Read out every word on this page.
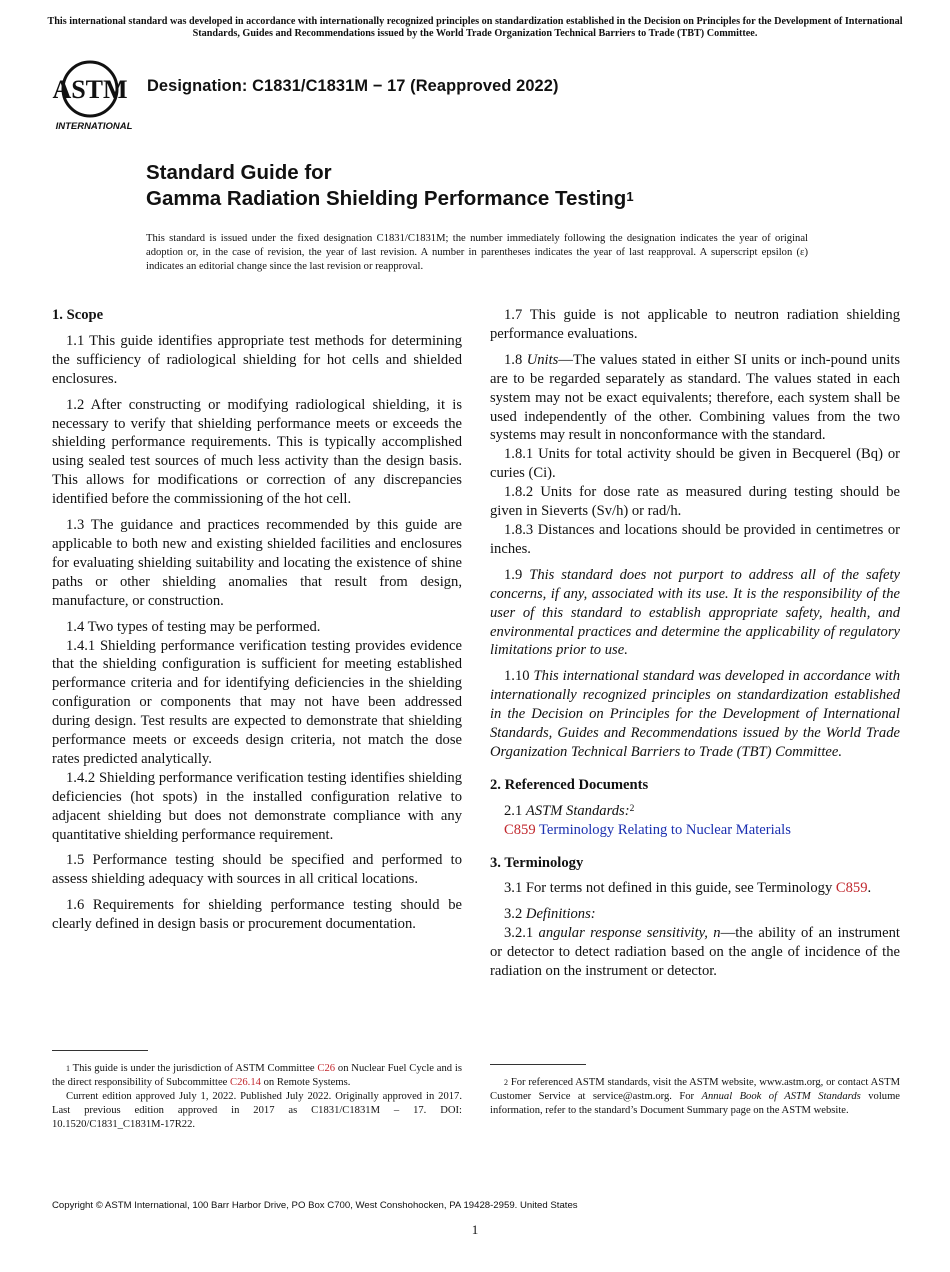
This international standard was developed in accordance with internationally recognized principles on standardization established in the Decision on Principles for the Development of International Standards, Guides and Recommendations issued by the World Trade Organization Technical Barriers to Trade (TBT) Committee.
ASTM
INTERNATIONAL
Designation: C1831/C1831M − 17 (Reapproved 2022)
Standard Guide for
Gamma Radiation Shielding Performance Testing$^1$
This standard is issued under the fixed designation C1831/C1831M; the number immediately following the designation indicates the year of original adoption or, in the case of revision, the year of last revision. A number in parentheses indicates the year of last reapproval. A superscript epsilon (ε) indicates an editorial change since the last revision or reapproval.
1. Scope

1.1 This guide identifies appropriate test methods for determining the sufficiency of radiological shielding for hot cells and shielded enclosures.

1.2 After constructing or modifying radiological shielding, it is necessary to verify that shielding performance meets or exceeds the shielding performance requirements. This is typically accomplished using sealed test sources of much less activity than the design basis. This allows for modifications or correction of any discrepancies identified before the commissioning of the hot cell.

1.3 The guidance and practices recommended by this guide are applicable to both new and existing shielded facilities and enclosures for evaluating shielding suitability and locating the existence of shine paths or other shielding anomalies that result from design, manufacture, or construction.

1.4 Two types of testing may be performed.

1.4.1 Shielding performance verification testing provides evidence that the shielding configuration is sufficient for meeting established performance criteria and for identifying deficiencies in the shielding configuration or components that may not have been addressed during design. Test results are expected to demonstrate that shielding performance meets or exceeds design criteria, not match the dose rates predicted analytically.

1.4.2 Shielding performance verification testing identifies shielding deficiencies (hot spots) in the installed configuration relative to adjacent shielding but does not demonstrate compliance with any quantitative shielding performance requirement.

1.5 Performance testing should be specified and performed to assess shielding adequacy with sources in all critical locations.

1.6 Requirements for shielding performance testing should be clearly defined in design basis or procurement documentation.

1.7 This guide is not applicable to neutron radiation shielding performance evaluations.

1.8 Units—The values stated in either SI units or inch-pound units are to be regarded separately as standard. The values stated in each system may not be exact equivalents; therefore, each system shall be used independently of the other. Combining values from the two systems may result in nonconformance with the standard.

1.8.1 Units for total activity should be given in Becquerel (Bq) or curies (Ci).

1.8.2 Units for dose rate as measured during testing should be given in Sieverts (Sv/h) or rad/h.

1.8.3 Distances and locations should be provided in centimetres or inches.

1.9 This standard does not purport to address all of the safety concerns, if any, associated with its use. It is the responsibility of the user of this standard to establish appropriate safety, health, and environmental practices and determine the applicability of regulatory limitations prior to use.

1.10 This international standard was developed in accordance with internationally recognized principles on standardization established in the Decision on Principles for the Development of International Standards, Guides and Recommendations issued by the World Trade Organization Technical Barriers to Trade (TBT) Committee.

2. Referenced Documents

2.1 ASTM Standards:$^2$

C859 Terminology Relating to Nuclear Materials

3. Terminology

3.1 For terms not defined in this guide, see Terminology C859.

3.2 Definitions:

3.2.1 angular response sensitivity, n—the ability of an instrument or detector to detect radiation based on the angle of incidence of the radiation on the instrument or detector.

$^1$ This guide is under the jurisdiction of ASTM Committee C26 on Nuclear Fuel Cycle and is the direct responsibility of Subcommittee C26.14 on Remote Systems.

Current edition approved July 1, 2022. Published July 2022. Originally approved in 2017. Last previous edition approved in 2017 as C1831/C1831M – 17. DOI: 10.1520/C1831_C1831M-17R22.

$^2$ For referenced ASTM standards, visit the ASTM website, www.astm.org, or contact ASTM Customer Service at service@astm.org. For Annual Book of ASTM Standards volume information, refer to the standard’s Document Summary page on the ASTM website.

Copyright © ASTM International, 100 Barr Harbor Drive, PO Box C700, West Conshohocken, PA 19428-2959. United States
1
